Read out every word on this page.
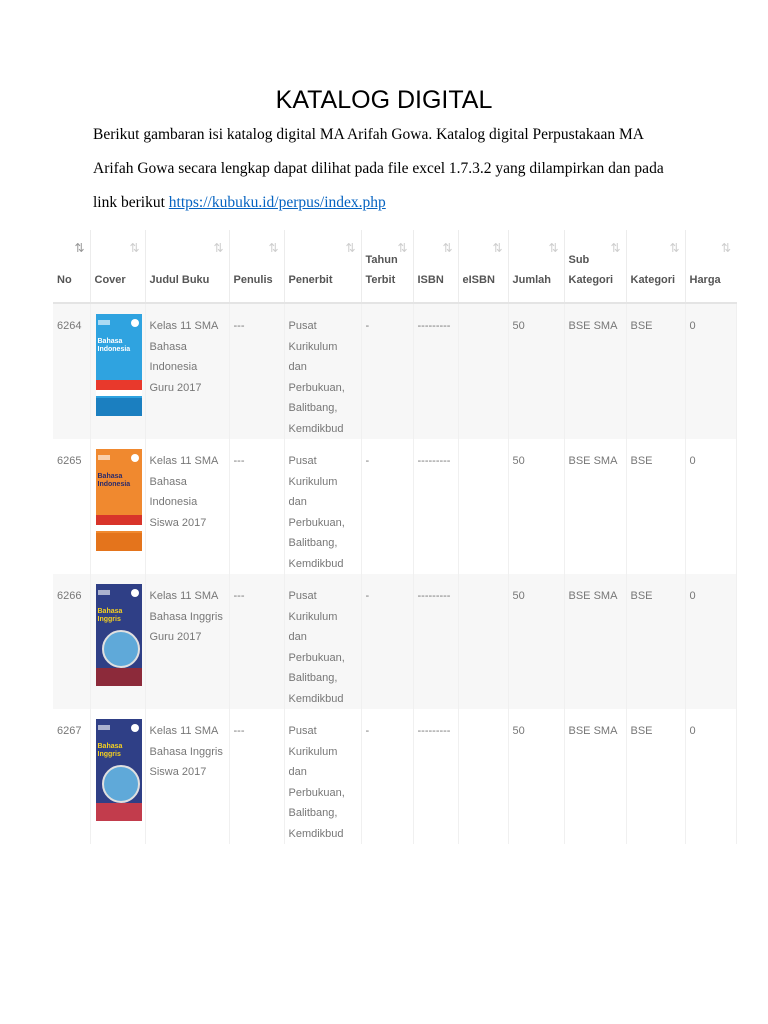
KATALOG DIGITAL

Berikut gambaran isi katalog digital MA Arifah Gowa. Katalog digital Perpustakaan MA
Arifah Gowa secara lengkap dapat dilihat pada file excel 1.7.3.2 yang dilampirkan dan pada
link berikut https://kubuku.id/perpus/index.php

⇅
No	⇅
Cover	⇅
Judul Buku	⇅
Penulis	⇅
Penerbit	⇅
Tahun
Terbit	⇅
ISBN	⇅
eISBN	⇅
Jumlah	⇅
Sub
Kategori	⇅
Kategori	⇅
Harga
6264	Bahasa
Indonesia	Kelas 11 SMA
Bahasa Indonesia
Guru 2017	---	Pusat Kurikulum
dan Perbukuan,
Balitbang,
Kemdikbud	-	---------		50	BSE SMA	BSE	0
6265	Bahasa
Indonesia	Kelas 11 SMA
Bahasa Indonesia
Siswa 2017	---	Pusat Kurikulum
dan Perbukuan,
Balitbang,
Kemdikbud	-	---------		50	BSE SMA	BSE	0
6266	Bahasa
Inggris	Kelas 11 SMA
Bahasa Inggris
Guru 2017	---	Pusat Kurikulum
dan Perbukuan,
Balitbang,
Kemdikbud	-	---------		50	BSE SMA	BSE	0
6267	Bahasa
Inggris	Kelas 11 SMA
Bahasa Inggris
Siswa 2017	---	Pusat Kurikulum
dan Perbukuan,
Balitbang,
Kemdikbud	-	---------		50	BSE SMA	BSE	0
